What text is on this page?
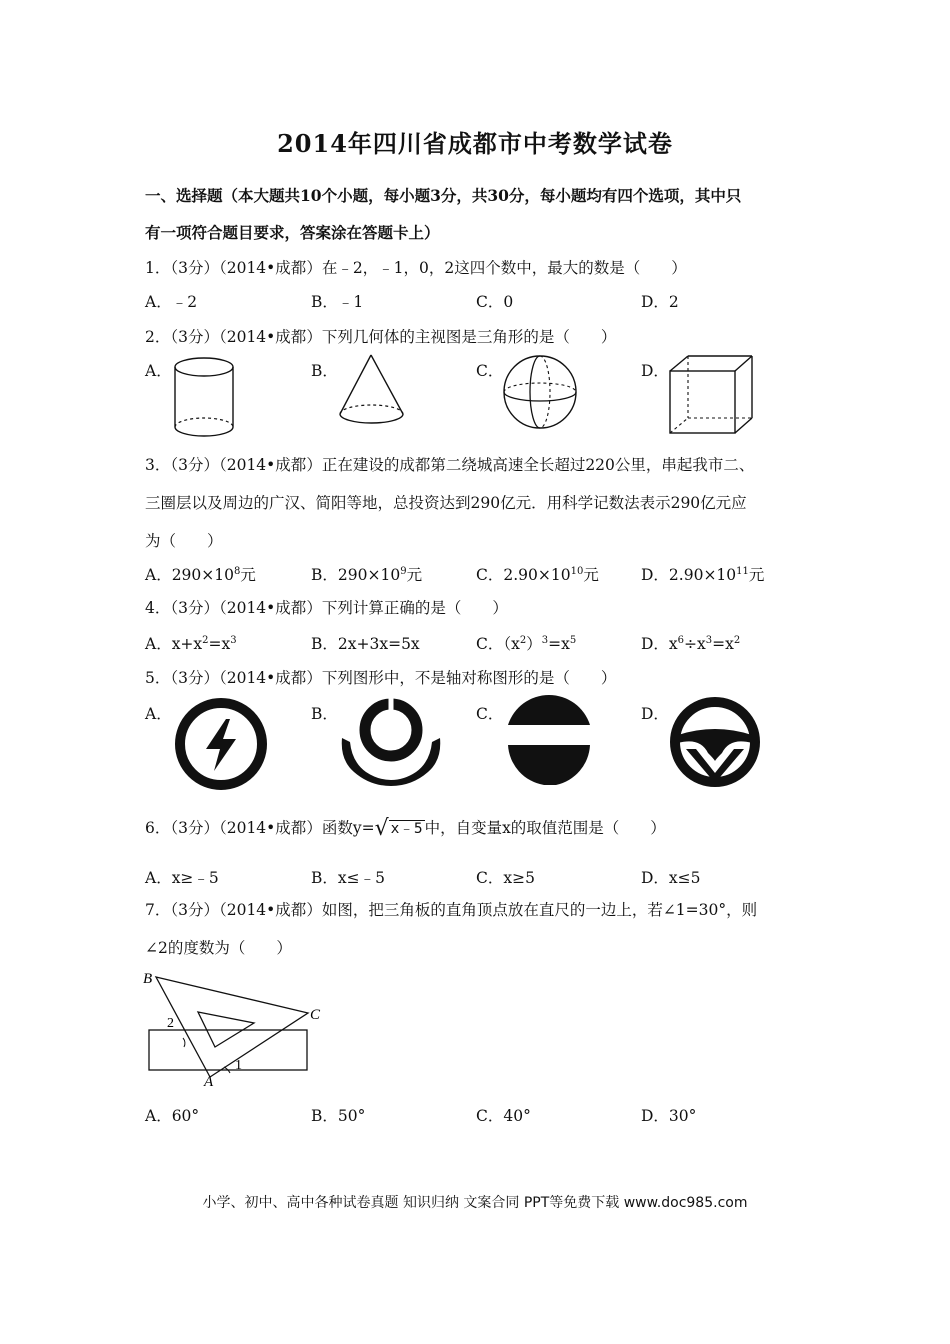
2014年四川省成都市中考数学试卷
一、选择题（本大题共10个小题，每小题3分，共30分，每小题均有四个选项，其中只
有一项符合题目要求，答案涂在答题卡上）
1．（3分）（2014•成都）在﹣2，﹣1，0，2这四个数中，最大的数是（　　）
A．﹣2	B．﹣1	C．0	D．2
2．（3分）（2014•成都）下列几何体的主视图是三角形的是（　　）
A．	B．	C．	D．
3．（3分）（2014•成都）正在建设的成都第二绕城高速全长超过220公里，串起我市二、
三圈层以及周边的广汉、简阳等地，总投资达到290亿元．用科学记数法表示290亿元应
为（　　）
A．$290\times 10^8$元	B．$290\times 10^9$元	C．$2.90\times 10^{10}$元	D．$2.90\times 10^{11}$元
4．（3分）（2014•成都）下列计算正确的是（　　）
A．$x+x^2=x^3$	B．2x+3x=5x	C．$(x^2)^3=x^5$	D．$x^6\div x^3=x^2$
5．（3分）（2014•成都）下列图形中，不是轴对称图形的是（　　）
A．	B．	C．	D．
6．（3分）（2014•成都）函数y=√ x﹣5 中，自变量x的取值范围是（　　）
A．x≥﹣5	B．x≤﹣5	C．x≥5	D．x≤5
7．（3分）（2014•成都）如图，把三角板的直角顶点放在直尺的一边上，若∠1=30°，则
∠2的度数为（　　）
B
C
A
1
2
A．60°	B．50°	C．40°	D．30°
小学、初中、高中各种试卷真题 知识归纳 文案合同 PPT等免费下载 www.doc985.com
